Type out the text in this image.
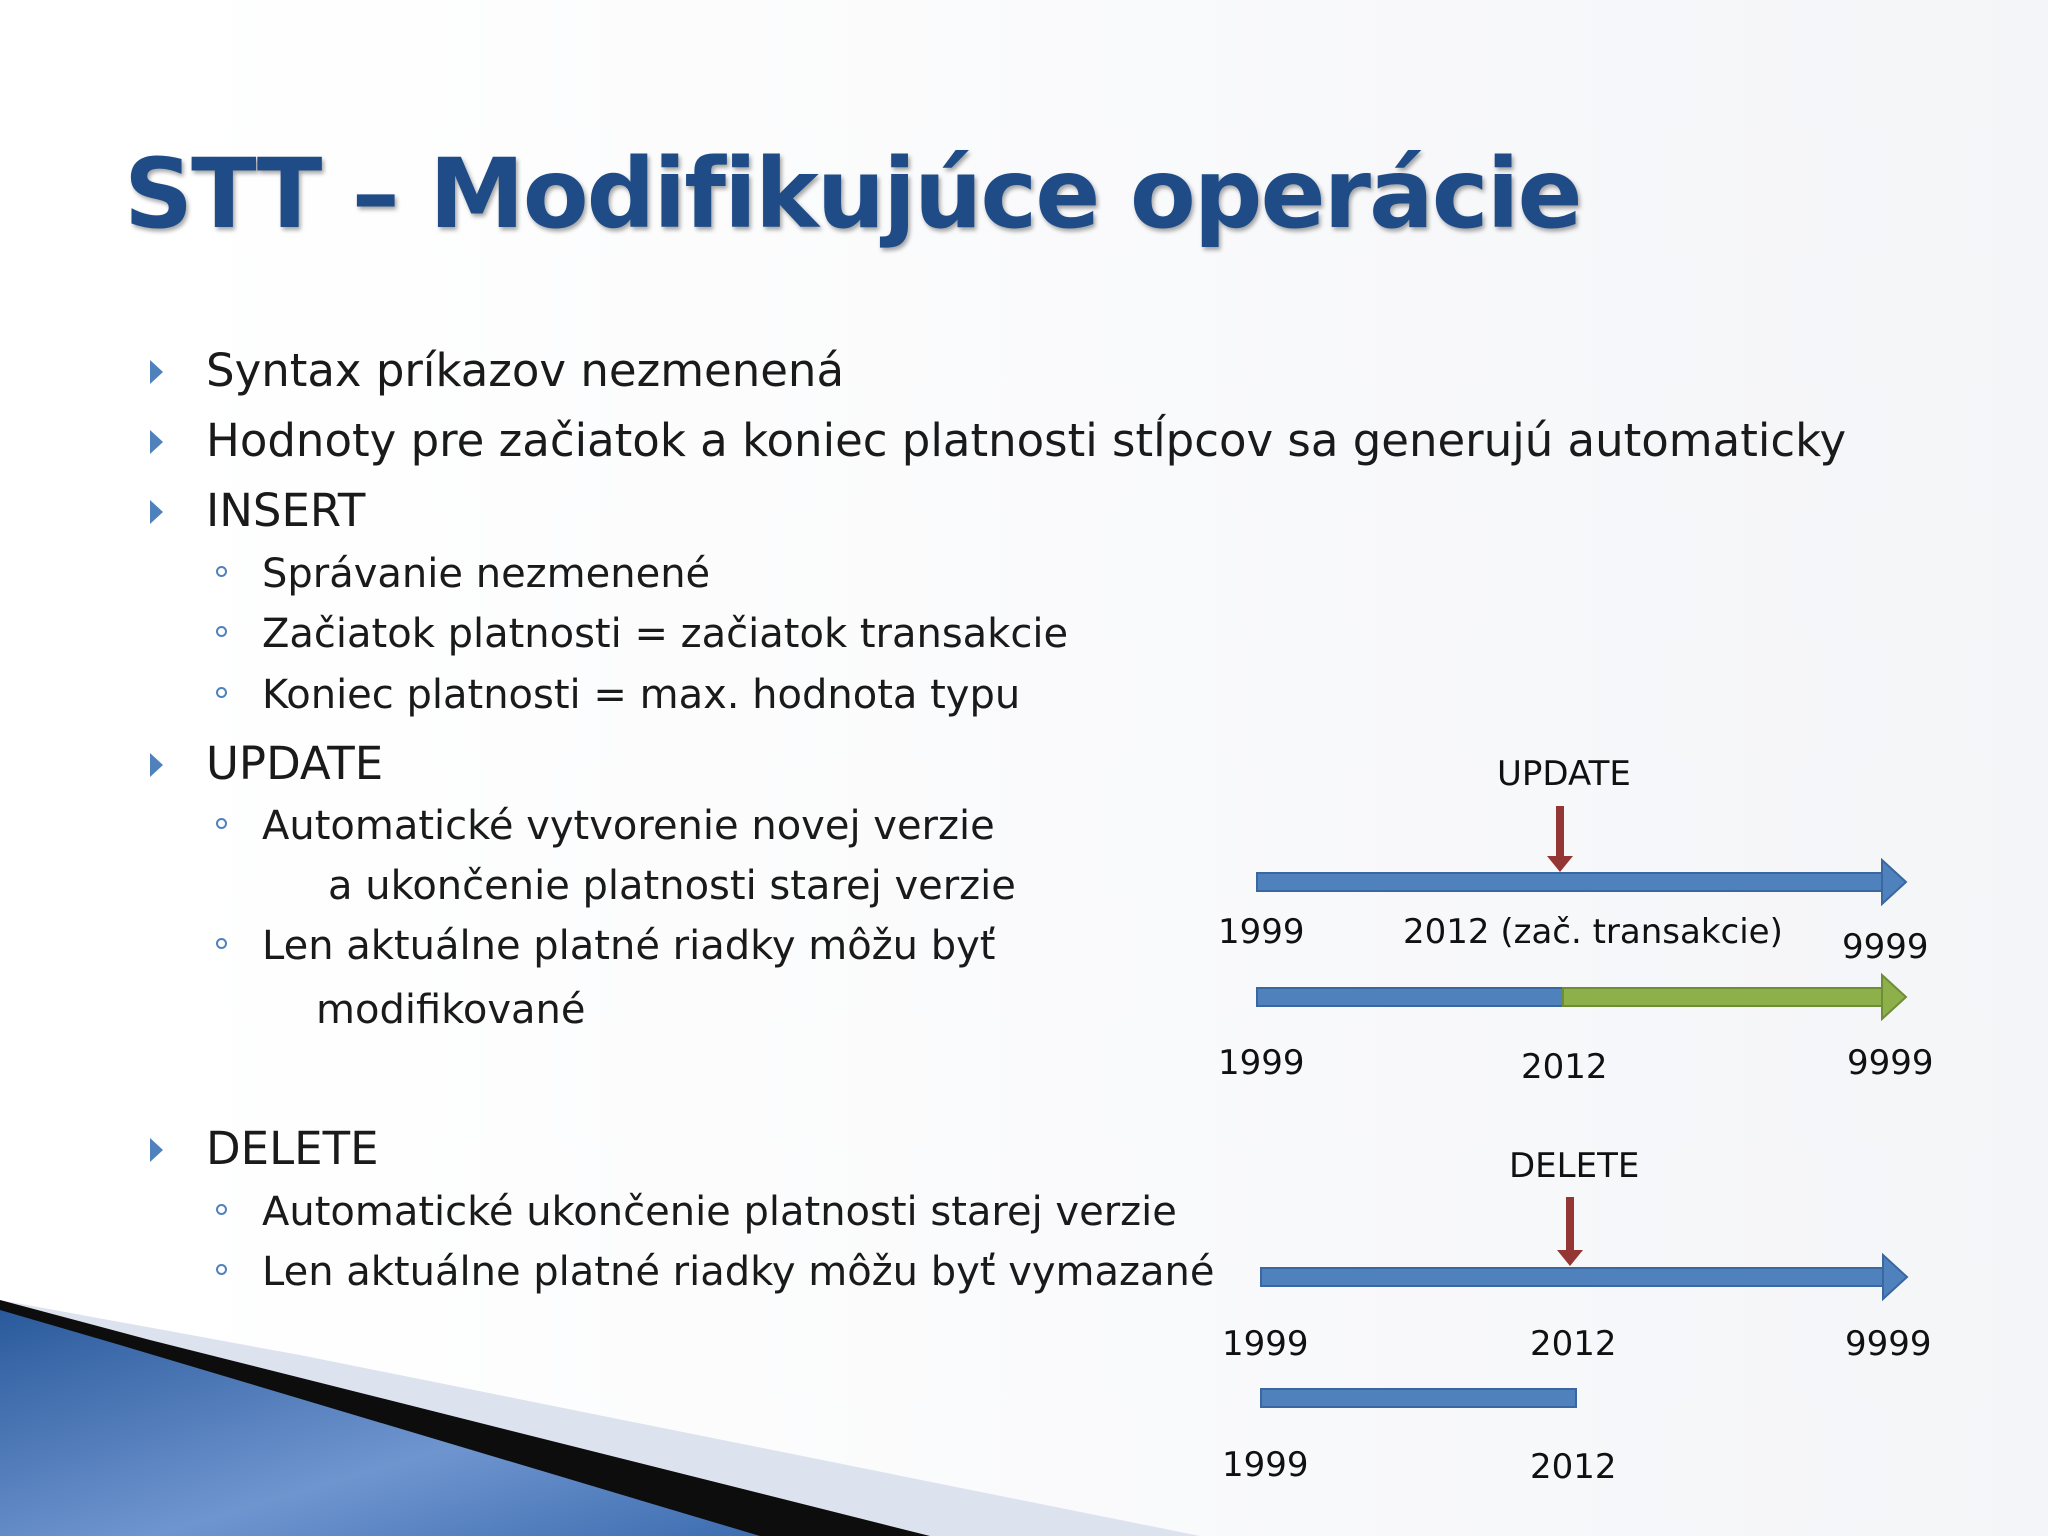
STT – Modifikujúce operácie
Syntax príkazov nezmenená
Hodnoty pre začiatok a koniec platnosti stĺpcov sa generujú automaticky
INSERT
Správanie nezmenené
Začiatok platnosti = začiatok transakcie
Koniec platnosti = max. hodnota typu
UPDATE
Automatické vytvorenie novej verzie
a ukončenie platnosti starej verzie
Len aktuálne platné riadky môžu byť
modifikované
DELETE
Automatické ukončenie platnosti starej verzie
Len aktuálne platné riadky môžu byť vymazané
UPDATE
1999	2012 (zač. transakcie) 9999
1999	2012	9999
DELETE
1999	2012	9999
1999	2012
